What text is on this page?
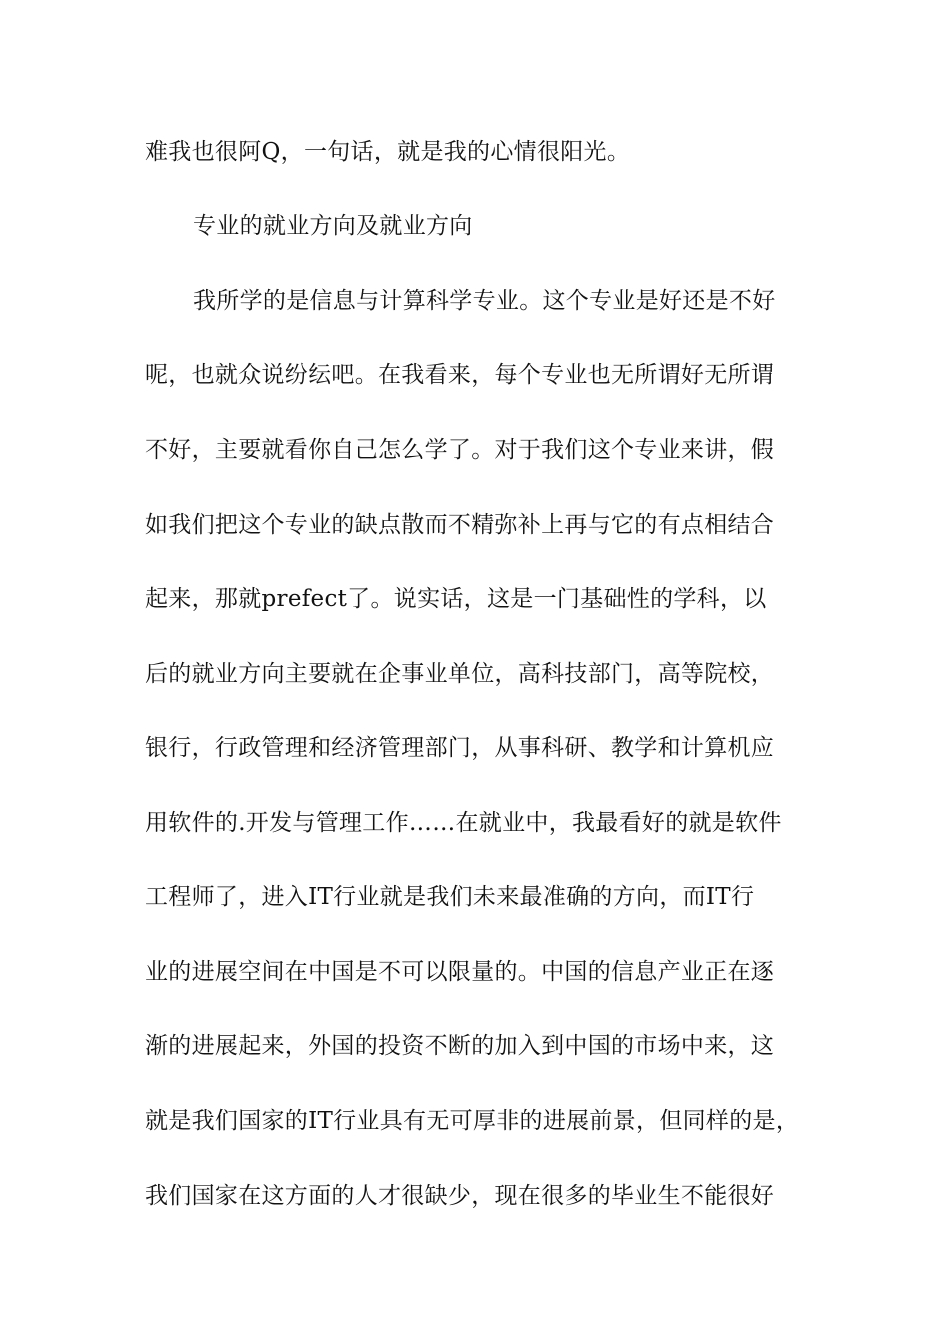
难我也很阿Q，一句话，就是我的心情很阳光。
专业的就业方向及就业方向
我所学的是信息与计算科学专业。这个专业是好还是不好
呢，也就众说纷纭吧。在我看来，每个专业也无所谓好无所谓
不好，主要就看你自己怎么学了。对于我们这个专业来讲，假
如我们把这个专业的缺点散而不精弥补上再与它的有点相结合
起来，那就prefect了。说实话，这是一门基础性的学科，以
后的就业方向主要就在企事业单位，高科技部门，高等院校，
银行，行政管理和经济管理部门，从事科研、教学和计算机应
用软件的.开发与管理工作……在就业中，我最看好的就是软件
工程师了，进入IT行业就是我们未来最准确的方向，而IT行
业的进展空间在中国是不可以限量的。中国的信息产业正在逐
渐的进展起来，外国的投资不断的加入到中国的市场中来，这
就是我们国家的IT行业具有无可厚非的进展前景，但同样的是，
我们国家在这方面的人才很缺少，现在很多的毕业生不能很好
